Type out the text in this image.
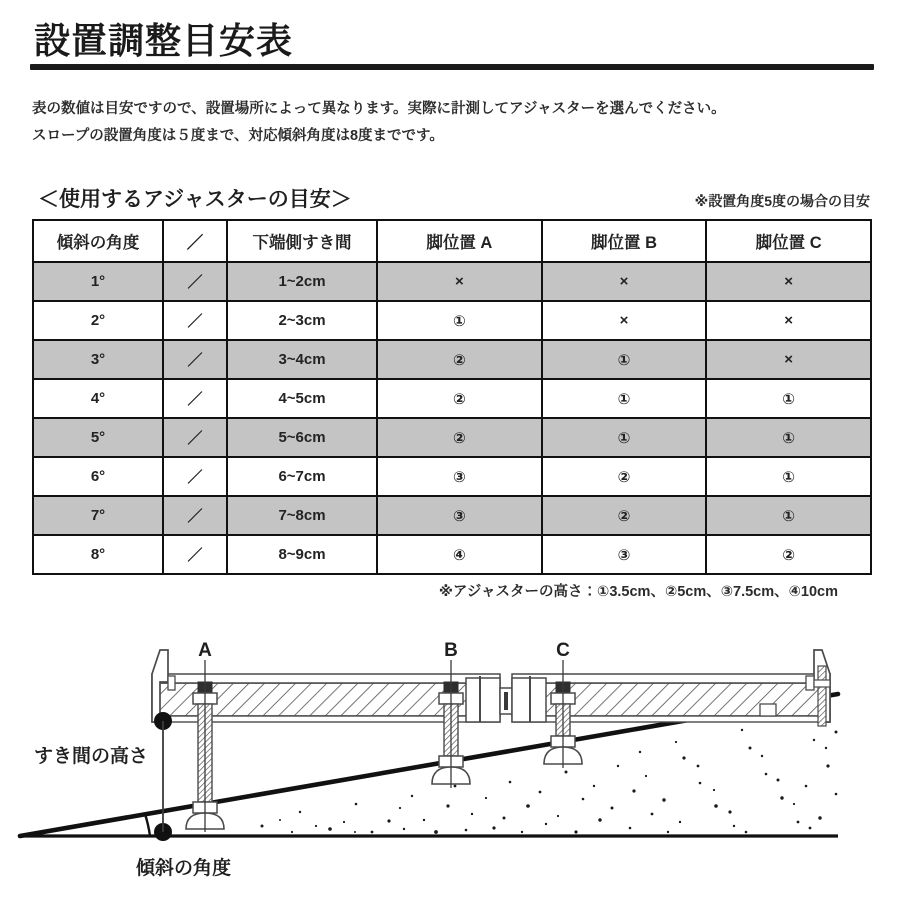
設置調整目安表
表の数値は目安ですので、設置場所によって異なります。実際に計測してアジャスターを選んでください。
スロープの設置角度は５度まで、対応傾斜角度は8度までです。
＜使用するアジャスターの目安＞	※設置角度5度の場合の目安
傾斜の角度	／	下端側すき間	脚位置 A	脚位置 B	脚位置 C
1°	／	1~2cm	×	×	×
2°	／	2~3cm	①	×	×
3°	／	3~4cm	②	①	×
4°	／	4~5cm	②	①	①
5°	／	5~6cm	②	①	①
6°	／	6~7cm	③	②	①
7°	／	7~8cm	③	②	①
8°	／	8~9cm	④	③	②
※アジャスターの高さ：①3.5cm、②5cm、③7.5cm、④10cm
A	B	C
すき間の高さ
傾斜の角度
